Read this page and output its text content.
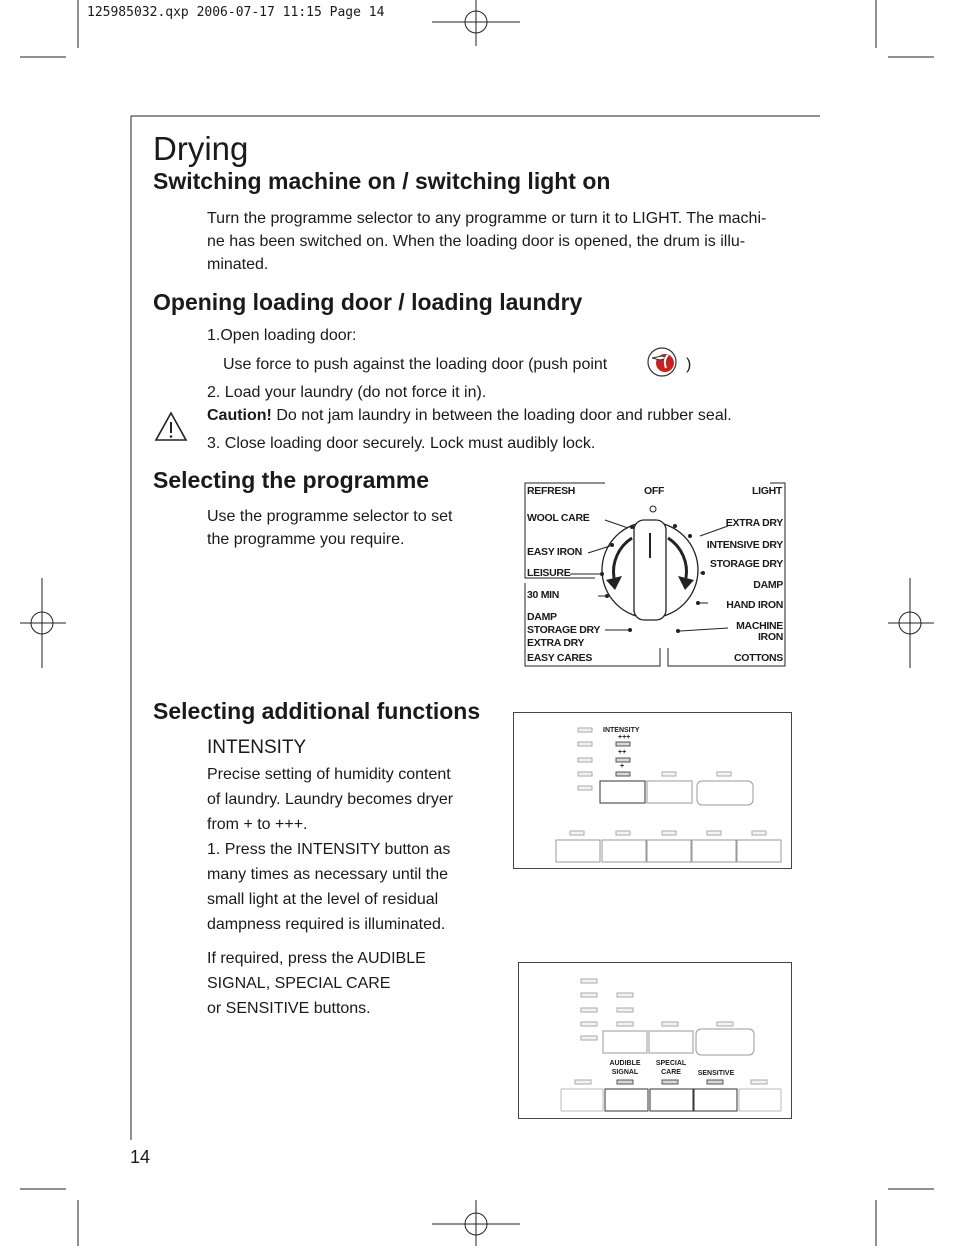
125985032.qxp 2006-07-17 11:15 Page 14
Drying
Switching machine on / switching light on
Turn the programme selector to any programme or turn it to LIGHT. The machi-
ne has been switched on. When the loading door is opened, the drum is illu-
minated.
Opening loading door / loading laundry
1.Open loading door:
Use force to push against the loading door (push point	)
2. Load your laundry (do not force it in).
Caution! Do not jam laundry in between the loading door and rubber seal.
3. Close loading door securely. Lock must audibly lock.
Selecting the programme
Use the programme selector to set
the programme you require.
REFRESH
WOOL CARE
EASY IRON
LEISURE
30 MIN
DAMP
STORAGE DRY
EXTRA DRY
EASY CARES
OFF	LIGHT
EXTRA DRY
INTENSIVE DRY
STORAGE DRY
DAMP
HAND IRON
MACHINE
IRON
COTTONS
Selecting additional functions
INTENSITY
Precise setting of humidity content
of laundry. Laundry becomes dryer
from + to +++.
1. Press the INTENSITY button as
many times as necessary until the
small light at the level of residual
dampness required is illuminated.
If required, press the AUDIBLE
SIGNAL, SPECIAL CARE
or SENSITIVE buttons.
INTENSITY
+++
++
+
AUDIBLE
SIGNAL
SPECIAL
CARE	SENSITIVE
14
